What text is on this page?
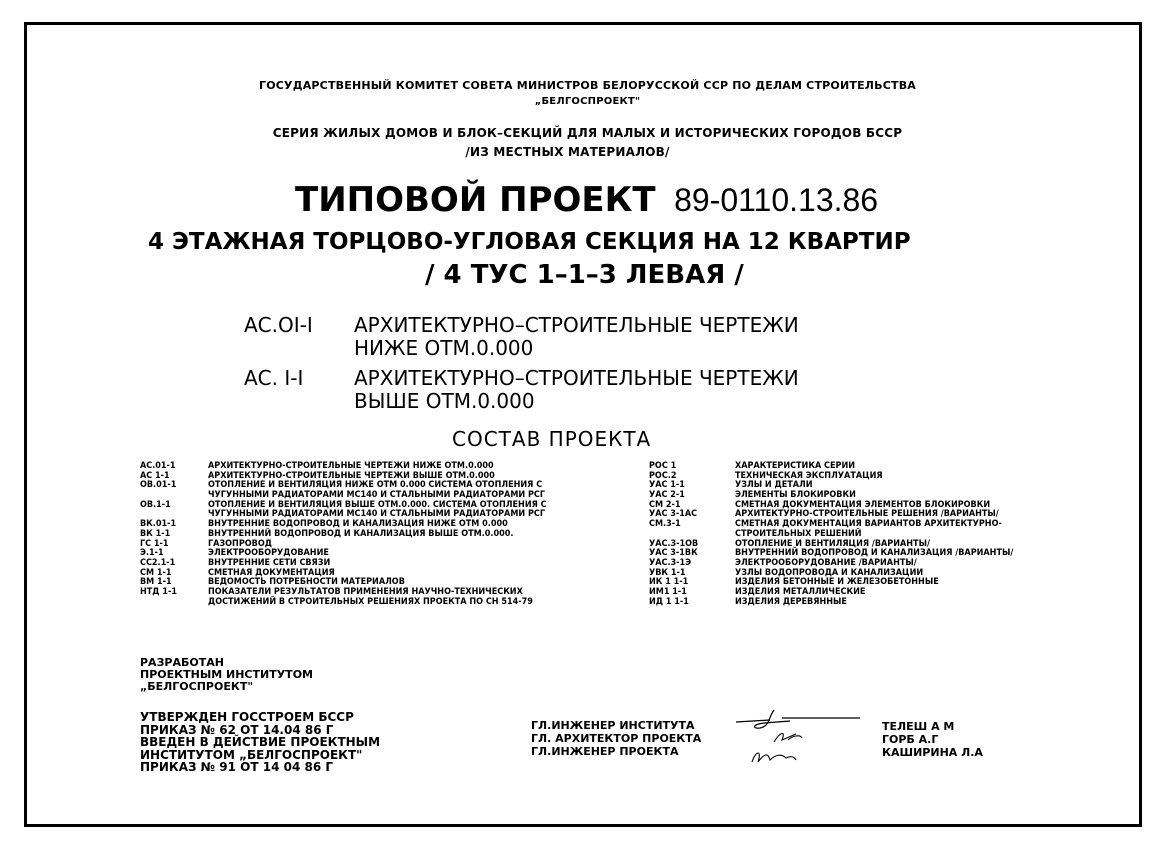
ГОСУДАРСТВЕННЫЙ КОМИТЕТ СОВЕТА МИНИСТРОВ БЕЛОРУССКОЙ ССР ПО ДЕЛАМ СТРОИТЕЛЬСТВА
„БЕЛГОСПРОЕКТ"
СЕРИЯ ЖИЛЫХ ДОМОВ И БЛОК–СЕКЦИЙ ДЛЯ МАЛЫХ И ИСТОРИЧЕСКИХ ГОРОДОВ БССР
/ИЗ МЕСТНЫХ МАТЕРИАЛОВ/
ТИПОВОЙ ПРОЕКТ 89-0110.13.86
4 ЭТАЖНАЯ ТОРЦОВО-УГЛОВАЯ СЕКЦИЯ НА 12 КВАРТИР
/ 4 ТУС 1–1–3 ЛЕВАЯ /
АС.ОI-I АРХИТЕКТУРНО–СТРОИТЕЛЬНЫЕ ЧЕРТЕЖИ
НИЖЕ ОТМ.0.000
АС. I-I	АРХИТЕКТУРНО–СТРОИТЕЛЬНЫЕ ЧЕРТЕЖИ
ВЫШЕ ОТМ.0.000
СОСТАВ ПРОЕКТА
АС.01-1	АРХИТЕКТУРНО-СТРОИТЕЛЬНЫЕ ЧЕРТЕЖИ НИЖЕ ОТМ.0.000
АС 1-1	АРХИТЕКТУРНО-СТРОИТЕЛЬНЫЕ ЧЕРТЕЖИ ВЫШЕ ОТМ.0.000
ОВ.01-1	ОТОПЛЕНИЕ И ВЕНТИЛЯЦИЯ НИЖЕ ОТМ 0.000 СИСТЕМА ОТОПЛЕНИЯ С
ЧУГУННЫМИ РАДИАТОРАМИ МС140 И СТАЛЬНЫМИ РАДИАТОРАМИ РСГ
ОВ.1-1	ОТОПЛЕНИЕ И ВЕНТИЛЯЦИЯ ВЫШЕ ОТМ.0.000. СИСТЕМА ОТОПЛЕНИЯ С
ЧУГУННЫМИ РАДИАТОРАМИ МС140 И СТАЛЬНЫМИ РАДИАТОРАМИ РСГ
ВК.01-1	ВНУТРЕННИЕ ВОДОПРОВОД И КАНАЛИЗАЦИЯ НИЖЕ ОТМ 0.000
ВК 1-1	ВНУТРЕННИЙ ВОДОПРОВОД И КАНАЛИЗАЦИЯ ВЫШЕ ОТМ.0.000.
ГС 1-1	ГАЗОПРОВОД
Э.1-1	ЭЛЕКТРООБОРУДОВАНИЕ
СС2.1-1	ВНУТРЕННИЕ СЕТИ СВЯЗИ
СМ 1-1	СМЕТНАЯ ДОКУМЕНТАЦИЯ
ВМ 1-1	ВЕДОМОСТЬ ПОТРЕБНОСТИ МАТЕРИАЛОВ
НТД 1-1	ПОКАЗАТЕЛИ РЕЗУЛЬТАТОВ ПРИМЕНЕНИЯ НАУЧНО-ТЕХНИЧЕСКИХ
ДОСТИЖЕНИЙ В СТРОИТЕЛЬНЫХ РЕШЕНИЯХ ПРОЕКТА ПО СН 514-79
РОС 1	ХАРАКТЕРИСТИКА СЕРИИ
РОС.2	ТЕХНИЧЕСКАЯ ЭКСПЛУАТАЦИЯ
УАС 1-1	УЗЛЫ И ДЕТАЛИ
УАС 2-1	ЭЛЕМЕНТЫ БЛОКИРОВКИ
СМ 2-1	СМЕТНАЯ ДОКУМЕНТАЦИЯ ЭЛЕМЕНТОВ БЛОКИРОВКИ
УАС 3-1АС	АРХИТЕКТУРНО-СТРОИТЕЛЬНЫЕ РЕШЕНИЯ /ВАРИАНТЫ/
СМ.3-1	СМЕТНАЯ ДОКУМЕНТАЦИЯ ВАРИАНТОВ АРХИТЕКТУРНО-
СТРОИТЕЛЬНЫХ РЕШЕНИЙ
УАС.3-1ОВ	ОТОПЛЕНИЕ И ВЕНТИЛЯЦИЯ /ВАРИАНТЫ/
УАС 3-1ВК	ВНУТРЕННИЙ ВОДОПРОВОД И КАНАЛИЗАЦИЯ /ВАРИАНТЫ/
УАС.3-1Э	ЭЛЕКТРООБОРУДОВАНИЕ /ВАРИАНТЫ/
УВК 1-1	УЗЛЫ ВОДОПРОВОДА И КАНАЛИЗАЦИИ
ИК 1 1-1	ИЗДЕЛИЯ БЕТОННЫЕ И ЖЕЛЕЗОБЕТОННЫЕ
ИМ1 1-1	ИЗДЕЛИЯ МЕТАЛЛИЧЕСКИЕ
ИД 1 1-1	ИЗДЕЛИЯ ДЕРЕВЯННЫЕ
РАЗРАБОТАН
ПРОЕКТНЫМ ИНСТИТУТОМ
„БЕЛГОСПРОЕКТ"
УТВЕРЖДЕН ГОССТРОЕМ БССР
ПРИКАЗ № 62 ОТ 14.04 86 Г
ВВЕДЕН В ДЕЙСТВИЕ ПРОЕКТНЫМ
ИНСТИТУТОМ „БЕЛГОСПРОЕКТ"
ПРИКАЗ № 91 ОТ 14 04 86 Г
ГЛ.ИНЖЕНЕР ИНСТИТУТА
ГЛ. АРХИТЕКТОР ПРОЕКТА
ГЛ.ИНЖЕНЕР ПРОЕКТА
ТЕЛЕШ А М
ГОРБ А.Г
КАШИРИНА Л.А
